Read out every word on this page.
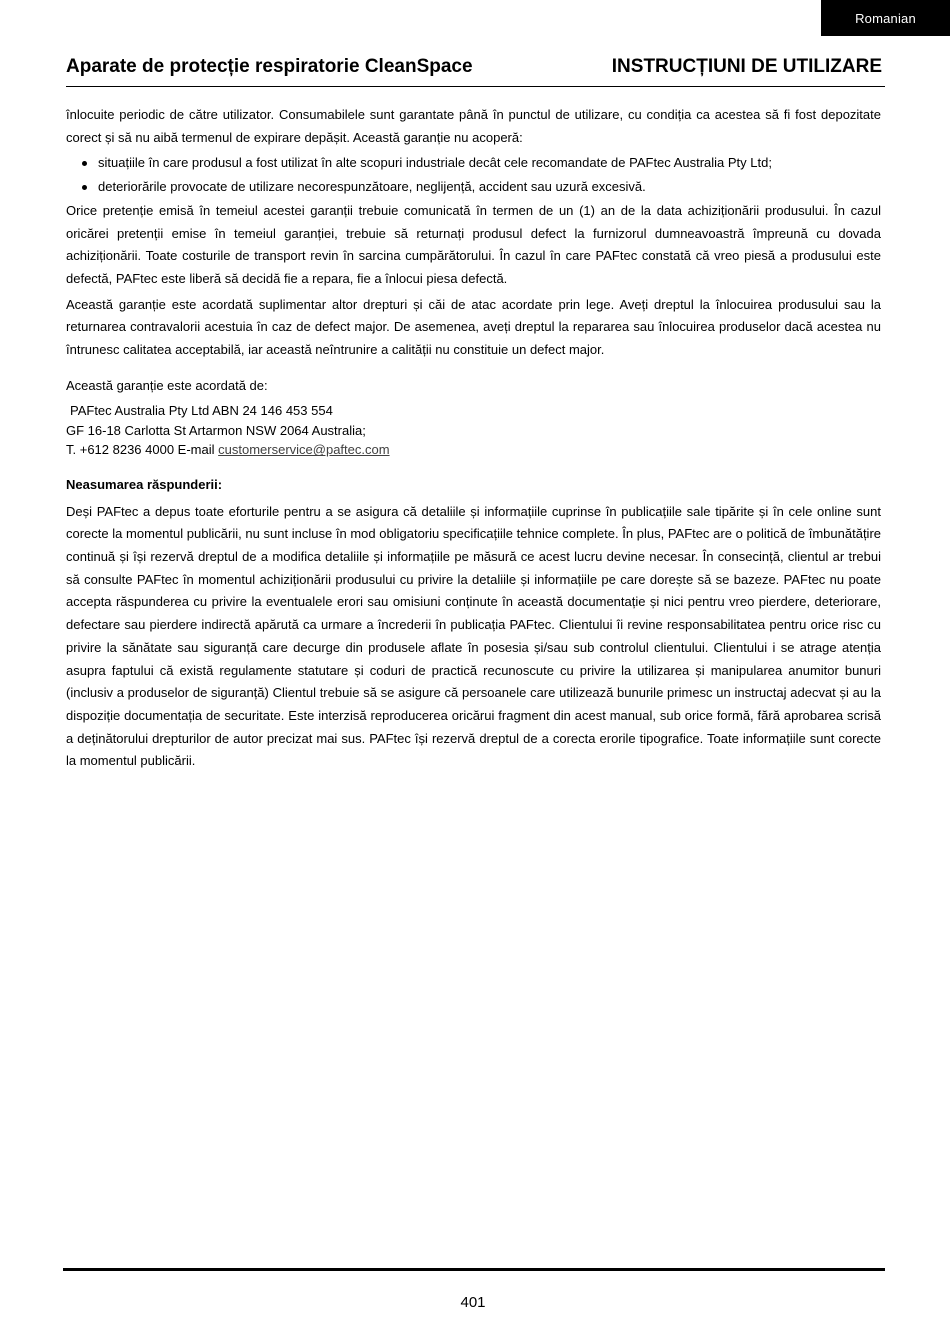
Romanian
Aparate de protecție respiratorie CleanSpace	INSTRUCȚIUNI DE UTILIZARE

înlocuite periodic de către utilizator. Consumabilele sunt garantate până în punctul de utilizare, cu condiția ca acestea să fi fost depozitate corect și să nu aibă termenul de expirare depășit. Această garanție nu acoperă:

situațiile în care produsul a fost utilizat în alte scopuri industriale decât cele recomandate de PAFtec Australia Pty Ltd;
deteriorările provocate de utilizare necorespunzătoare, neglijență, accident sau uzură excesivă.

Orice pretenție emisă în temeiul acestei garanții trebuie comunicată în termen de un (1) an de la data achiziționării produsului. În cazul oricărei pretenții emise în temeiul garanției, trebuie să returnați produsul defect la furnizorul dumneavoastră împreună cu dovada achiziționării. Toate costurile de transport revin în sarcina cumpărătorului. În cazul în care PAFtec constată că vreo piesă a produsului este defectă, PAFtec este liberă să decidă fie a repara, fie a înlocui piesa defectă.

Această garanție este acordată suplimentar altor drepturi și căi de atac acordate prin lege. Aveți dreptul la înlocuirea produsului sau la returnarea contravalorii acestuia în caz de defect major. De asemenea, aveți dreptul la repararea sau înlocuirea produselor dacă acestea nu întrunesc calitatea acceptabilă, iar această neîntrunire a calității nu constituie un defect major.

Această garanție este acordată de:

PAFtec Australia Pty Ltd ABN 24 146 453 554
GF 16-18 Carlotta St Artarmon NSW 2064 Australia;
T. +612 8236 4000 E-mail customerservice@paftec.com
Neasumarea răspunderii:

Deși PAFtec a depus toate eforturile pentru a se asigura că detaliile și informațiile cuprinse în publicațiile sale tipărite și în cele online sunt corecte la momentul publicării, nu sunt incluse în mod obligatoriu specificațiile tehnice complete. În plus, PAFtec are o politică de îmbunătățire continuă și își rezervă dreptul de a modifica detaliile și informațiile pe măsură ce acest lucru devine necesar. În consecință, clientul ar trebui să consulte PAFtec în momentul achiziționării produsului cu privire la detaliile și informațiile pe care dorește să se bazeze. PAFtec nu poate accepta răspunderea cu privire la eventualele erori sau omisiuni conținute în această documentație și nici pentru vreo pierdere, deteriorare, defectare sau pierdere indirectă apărută ca urmare a încrederii în publicația PAFtec. Clientului îi revine responsabilitatea pentru orice risc cu privire la sănătate sau siguranță care decurge din produsele aflate în posesia și/sau sub controlul clientului. Clientului i se atrage atenția asupra faptului că există regulamente statutare și coduri de practică recunoscute cu privire la utilizarea și manipularea anumitor bunuri (inclusiv a produselor de siguranță) Clientul trebuie să se asigure că persoanele care utilizează bunurile primesc un instructaj adecvat și au la dispoziție documentația de securitate. Este interzisă reproducerea oricărui fragment din acest manual, sub orice formă, fără aprobarea scrisă a deținătorului drepturilor de autor precizat mai sus. PAFtec își rezervă dreptul de a corecta erorile tipografice. Toate informațiile sunt corecte la momentul publicării.

401
